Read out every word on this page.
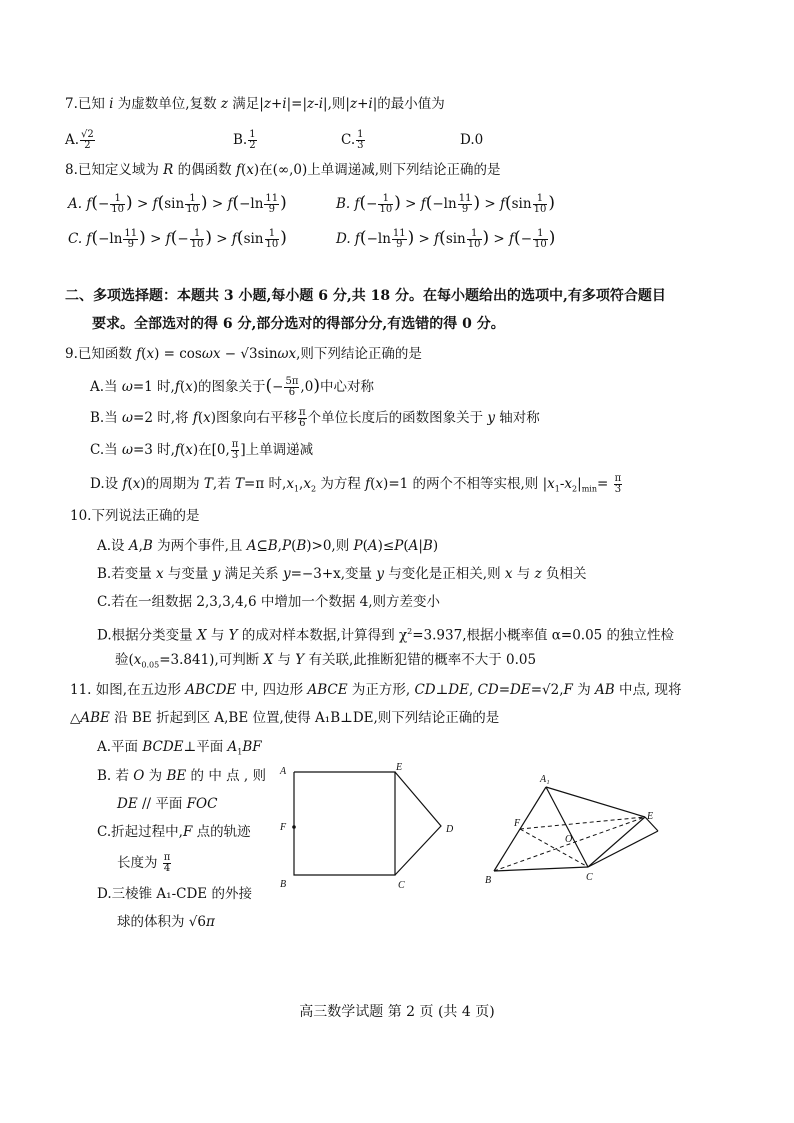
7.已知 i 为虚数单位,复数 z 满足|z+i|=|z-i|,则|z+i|的最小值为
A. $\frac{√2}{2}$	B. $\frac{1}{2}$	C. $\frac{1}{3}$	D.0
8.已知定义域为 R 的偶函数 f(x)在(∞,0)上单调递减,则下列结论正确的是
A. $f(- \frac{1}{10}$ ) > $f(\sin \frac{1}{10}$ ) > $f(-\ln \frac{11}{9}$ )	B. $f(- \frac{1}{10}$ ) > $f(-\ln \frac{11}{9}$ ) > $f(\sin \frac{1}{10}$ )
C. $f(-\ln \frac{11}{9}$ ) > $f(- \frac{1}{10}$ ) > $f(\sin \frac{1}{10}$ )	D. $f(-\ln \frac{11}{9}$ ) > $f(\sin \frac{1}{10}$ ) > $f(- \frac{1}{10}$ )
二、多项选择题：本题共 3 小题,每小题 6 分,共 18 分。在每小题给出的选项中,有多项符合题目
要求。全部选对的得 6 分,部分选对的得部分分,有选错的得 0 分。
9.已知函数 f(x) = cosωx − √3sinωx,则下列结论正确的是
A.当 ω=1 时,f(x)的图象关于(− $\frac{5\pi}{6} ,0$)中心对称
B.当 ω=2 时,将 f(x)图象向右平移 $\frac{\pi}{6}$ 个单位长度后的函数图象关于 y 轴对称
C.当 ω=3 时,f(x)在[0, $\frac{\pi}{3}$ ]上单调递减
D.设 f(x)的周期为 T,若 T=π 时$,x_1,x_2$ 为方程 f(x)=1 的两个不相等实根,则 $|x_1-x_2|_{min}= \frac{\pi}{3}$
10.下列说法正确的是
A.设 A,B 为两个事件,且 A⊆B,P(B)>0,则 P(A)≤P(A|B)
B.若变量 x 与变量 y 满足关系 y=−3+x,变量 y 与变化是正相关,则 x 与 z 负相关
C.若在一组数据 2,3,3,4,6 中增加一个数据 4,则方差变小
D.根据分类变量 X 与 Y 的成对样本数据,计算得到 $\chi^2=3.937$,根据小概率值 α=0.05 的独立性检
验$(x_{0.05}=3.841)$,可判断 X 与 Y 有关联,此推断犯错的概率不大于 0.05
11. 如图,在五边形 ABCDE 中, 四边形 ABCE 为正方形, CD⊥DE, CD=DE=√2,F 为 AB 中点, 现将
△ABE 沿 BE 折起到区 A,BE 位置,使得 A₁B⊥DE,则下列结论正确的是
A.平面 BCDE⊥平面 $A_1BF$
B. 若 O 为 BE 的 中 点 , 则
DE // 平面 FOC
C.折起过程中,F 点的轨迹
长度为 $\frac{\pi}{4}$
D.三棱锥 A₁-CDE 的外接
球的体积为 √6π
A	E
F	D
B	C
A₁
E
F
O
B	C
高三数学试题 第 2 页 (共 4 页)
